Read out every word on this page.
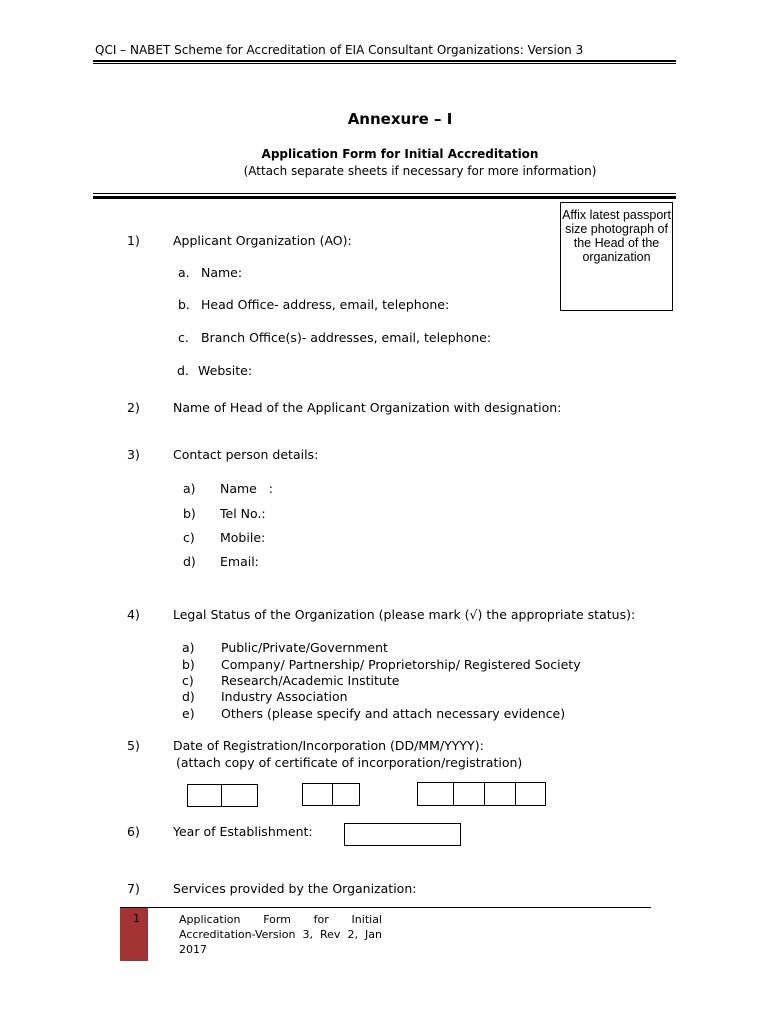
QCI – NABET Scheme for Accreditation of EIA Consultant Organizations: Version 3
Annexure – I
Application Form for Initial Accreditation
(Attach separate sheets if necessary for more information)
Affix latest passport size photograph of the Head of the organization
1)	Applicant Organization (AO):
a. Name:
b. Head Office- address, email, telephone:
c. Branch Office(s)- addresses, email, telephone:
d. Website:
2)	Name of Head of the Applicant Organization with designation:
3)	Contact person details:
a) Name   :
b) Tel No.:
c) Mobile:
d) Email:
4)	Legal Status of the Organization (please mark (√) the appropriate status):
a) Public/Private/Government
b) Company/ Partnership/ Proprietorship/ Registered Society
c) Research/Academic Institute
d) Industry Association
e) Others (please specify and attach necessary evidence)
5)	Date of Registration/Incorporation (DD/MM/YYYY):
(attach copy of certificate of incorporation/registration)
6)	Year of Establishment:
7)	Services provided by the Organization:
1	Application Form for Initial Accreditation-Version 3, Rev 2, Jan 2017
